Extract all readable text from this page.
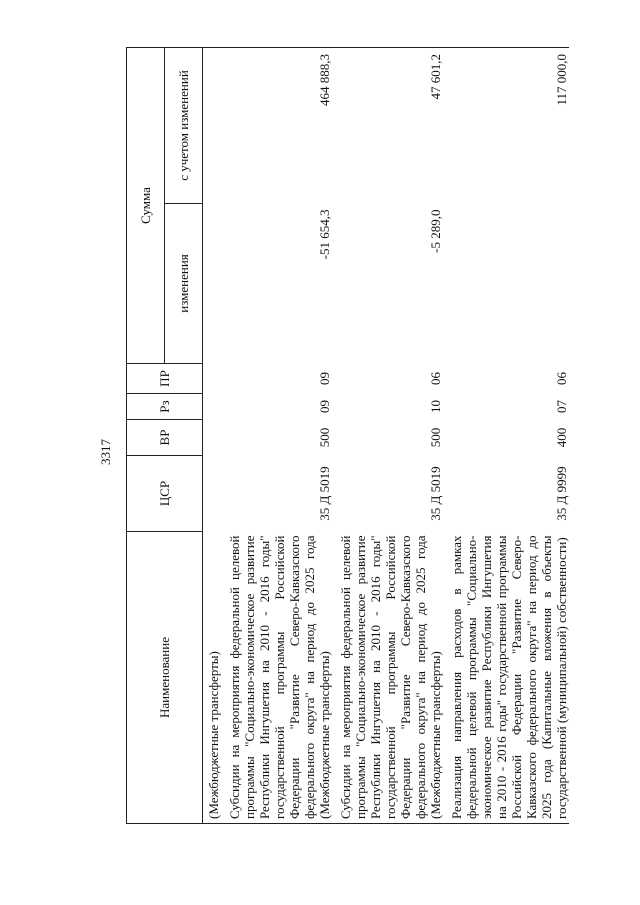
3317
Наименование	ЦСР	ВР	Рз	ПР	Сумма	
					изменения	с учетом изменений
(Межбюджетные трансферты)						
Субсидии на мероприятия федеральной целевой программы "Социально-экономическое развитие Республики Ингушетия на 2010 - 2016 годы" государственной программы Российской Федерации "Развитие Северо-Кавказского федерального округа" на период до 2025 года (Межбюджетные трансферты)	35 Д 5019	500	09	09	-51 654,3	464 888,3
Субсидии на мероприятия федеральной целевой программы "Социально-экономическое развитие Республики Ингушетия на 2010 - 2016 годы" государственной программы Российской Федерации "Развитие Северо-Кавказского федерального округа" на период до 2025 года (Межбюджетные трансферты)	35 Д 5019	500	10	06	-5 289,0	47 601,2
Реализация направления расходов в рамках федеральной целевой программы "Социально-экономическое развитие Республики Ингушетия на 2010 - 2016 годы" государственной программы Российской Федерации "Развитие Северо-Кавказского федерального округа" на период до 2025 года (Капитальные вложения в объекты государственной (муниципальной) собственности)	35 Д 9999	400	07	06		117 000,0
